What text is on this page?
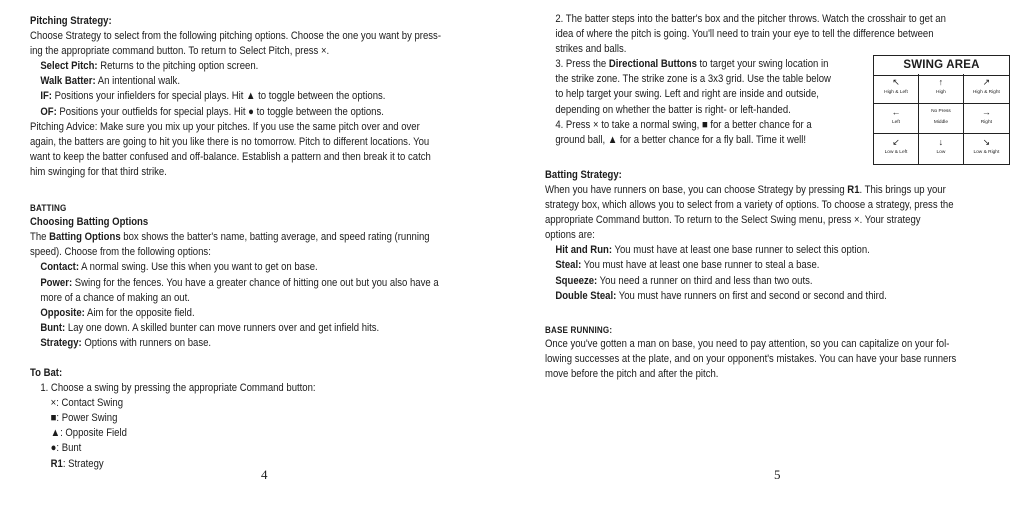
Pitching Strategy:

Choose Strategy to select from the following pitching options. Choose the one you want by press-

ing the appropriate command button. To return to Select Pitch, press ×.

Select Pitch: Returns to the pitching option screen.

Walk Batter: An intentional walk.

IF: Positions your infielders for special plays. Hit ▲ to toggle between the options.

OF: Positions your outfields for special plays. Hit ● to toggle between the options.

Pitching Advice: Make sure you mix up your pitches. If you use the same pitch over and over

again, the batters are going to hit you like there is no tomorrow. Pitch to different locations. You

want to keep the batter confused and off-balance. Establish a pattern and then break it to catch

him swinging for that third strike.

BATTING

Choosing Batting Options

The Batting Options box shows the batter's name, batting average, and speed rating (running

speed). Choose from the following options:

Contact: A normal swing. Use this when you want to get on base.

Power: Swing for the fences. You have a greater chance of hitting one out but you also have a

more of a chance of making an out.

Opposite: Aim for the opposite field.

Bunt: Lay one down. A skilled bunter can move runners over and get infield hits.

Strategy: Options with runners on base.

To Bat:

1. Choose a swing by pressing the appropriate Command button:

×: Contact Swing

■: Power Swing

▲: Opposite Field

●: Bunt

R1: Strategy

4

2. The batter steps into the batter's box and the pitcher throws. Watch the crosshair to get an

idea of where the pitch is going. You'll need to train your eye to tell the difference between

strikes and balls.

3. Press the Directional Buttons to target your swing location in

the strike zone. The strike zone is a 3x3 grid. Use the table below

to help target your swing. Left and right are inside and outside,

depending on whether the batter is right- or left-handed.

4. Press × to take a normal swing, ■ for a better chance for a

ground ball, ▲ for a better chance for a fly ball. Time it well!

Batting Strategy:

When you have runners on base, you can choose Strategy by pressing R1. This brings up your

strategy box, which allows you to select from a variety of options. To choose a strategy, press the

appropriate Command button. To return to the Select Swing menu, press ×. Your strategy

options are:

Hit and Run: You must have at least one base runner to select this option.

Steal: You must have at least one base runner to steal a base.

Squeeze: You need a runner on third and less than two outs.

Double Steal: You must have runners on first and second or second and third.

BASE RUNNING:

Once you've gotten a man on base, you need to pay attention, so you can capitalize on your fol-

lowing successes at the plate, and on your opponent's mistakes. You can have your base runners

move before the pitch and after the pitch.

5
SWING AREA
↖
High & Left
↑
High
↗
High & Right
←
Left
No Press
Middle
→
Right
↙
Low & Left
↓
Low
↘
Low & Right
